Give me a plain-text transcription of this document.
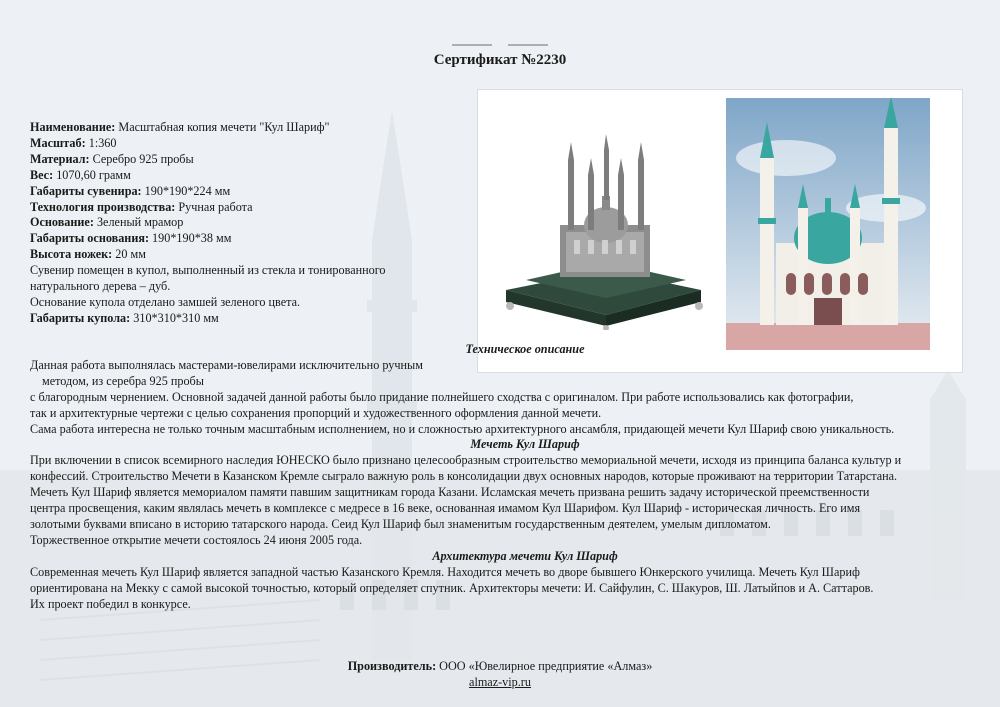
Сертификат №2230
Наименование: Масштабная копия мечети "Кул Шариф"
Масштаб: 1:360
Материал: Серебро 925 пробы
Вес: 1070,60 грамм
Габариты сувенира: 190*190*224 мм
Технология производства: Ручная работа
Основание: Зеленый мрамор
Габариты основания: 190*190*38 мм
Высота ножек: 20 мм
Сувенир помещен в купол, выполненный из стекла и тонированного
натурального дерева – дуб.
Основание купола отделано замшей зеленого цвета.
Габариты купола: 310*310*310 мм
Техническое описание
Данная работа выполнялась мастерами-ювелирами исключительно ручным
методом, из серебра 925 пробы
с благородным чернением. Основной задачей данной работы было придание полнейшего сходства с оригиналом. При работе использовались как фотографии,
так и архитектурные чертежи с целью сохранения пропорций и художественного оформления данной мечети.
Сама работа интересна не только точным масштабным исполнением, но и сложностью архитектурного ансамбля, придающей мечети Кул Шариф свою уникальность.
Мечеть Кул Шариф
При включении в список всемирного наследия ЮНЕСКО было признано целесообразным строительство мемориальной мечети, исходя из принципа баланса культур и
конфессий. Строительство Мечети в Казанском Кремле сыграло важную роль в консолидации двух основных народов, которые проживают на территории Татарстана.
Мечеть Кул Шариф является мемориалом памяти павшим защитникам города Казани. Исламская мечеть призвана решить задачу исторической преемственности
центра просвещения, каким являлась мечеть в комплексе с медресе в 16 веке, основанная имамом Кул Шарифом. Кул Шариф - историческая личность. Его имя
золотыми буквами вписано в историю татарского народа. Сеид Кул Шариф был знаменитым государственным деятелем, умелым дипломатом.
Торжественное открытие мечети состоялось 24 июня 2005 года.
Архитектура мечети Кул Шариф
Современная мечеть Кул Шариф является западной частью Казанского Кремля. Находится мечеть во дворе бывшего Юнкерского училища. Мечеть Кул Шариф
ориентирована на Мекку с самой высокой точностью, который определяет спутник. Архитекторы мечети: И. Сайфулин, С. Шакуров, Ш. Латыйпов и А. Саттаров.
Их проект победил в конкурсе.
Производитель: ООО «Ювелирное предприятие «Алмаз»
almaz-vip.ru
